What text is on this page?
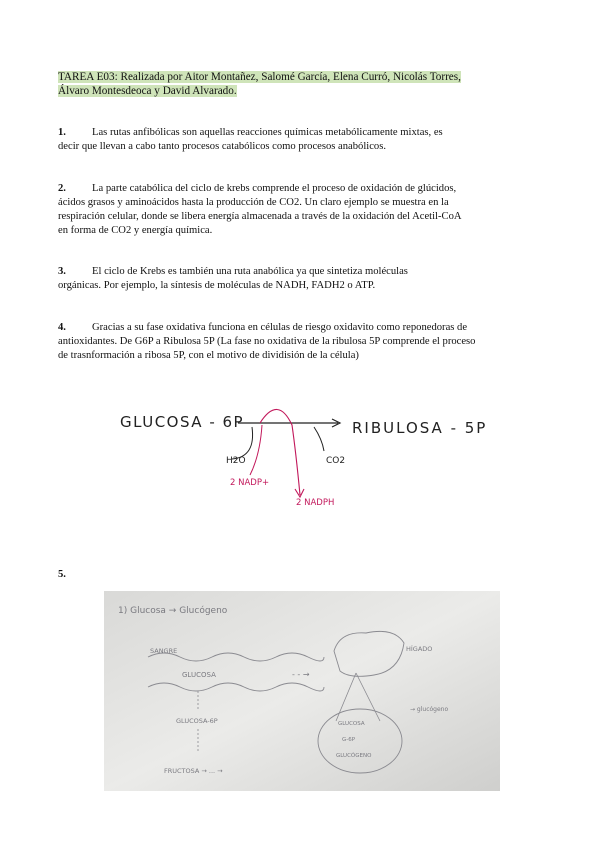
TAREA E03: Realizada por Aitor Montañez, Salomé García, Elena Curró, Nicolás Torres,
Álvaro Montesdeoca y David Alvarado.
1. Las rutas anfibólicas son aquellas reacciones químicas metabólicamente mixtas, es
decir que llevan a cabo tanto procesos catabólicos como procesos anabólicos.
2. La parte catabólica del ciclo de krebs comprende el proceso de oxidación de glúcidos,
ácidos grasos y aminoácidos hasta la producción de CO2. Un claro ejemplo se muestra en la
respiración celular, donde se libera energía almacenada a través de la oxidación del Acetil-CoA
en forma de CO2 y energía química.
3. El ciclo de Krebs es también una ruta anabólica ya que sintetiza moléculas
orgánicas. Por ejemplo, la síntesis de moléculas de NADH, FADH2 o ATP.
4. Gracias a su fase oxidativa funciona en células de riesgo oxidavito como reponedoras de
antioxidantes. De G6P a Ribulosa 5P (La fase no oxidativa de la ribulosa 5P comprende el proceso
de trasnformación a ribosa 5P, con el motivo de dividisión de la célula)
GLUCOSA - 6P	RIBULOSA - 5P
H2O	CO2
2 NADP+
2 NADPH
5.
1) Glucosa → Glucógeno
SANGRE
GLUCOSA	- - →
GLUCOSA-6P
FRUCTOSA → ... →
HÍGADO
GLUCOSA
G-6P
GLUCÓGENO
→ glucógeno
